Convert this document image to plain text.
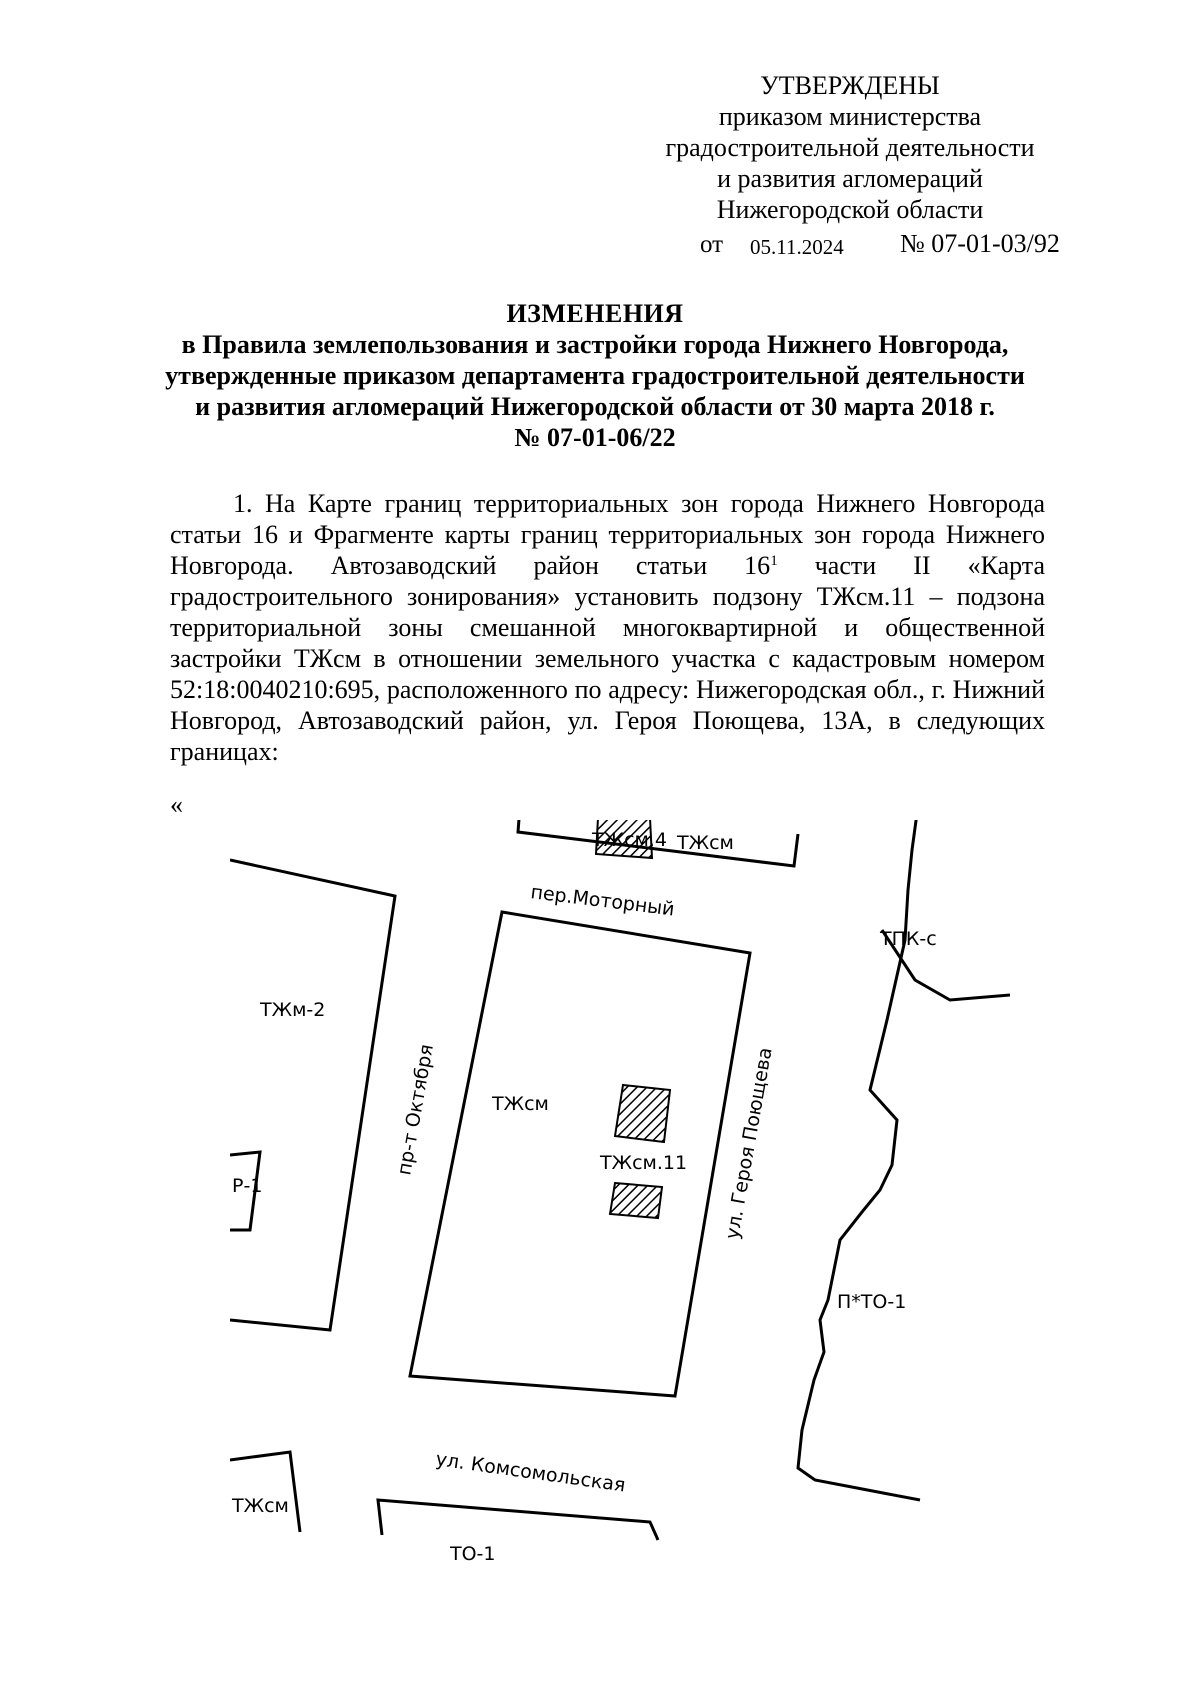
УТВЕРЖДЕНЫ
приказом министерства
градостроительной деятельности
и развития агломераций
Нижегородской области
от 05.11.2024 № 07-01-03/92
ИЗМЕНЕНИЯ
в Правила землепользования и застройки города Нижнего Новгорода,
утвержденные приказом департамента градостроительной деятельности
и развития агломераций Нижегородской области от 30 марта 2018 г.
№ 07-01-06/22
1. На Карте границ территориальных зон города Нижнего Новгорода статьи 16 и Фрагменте карты границ территориальных зон города Нижнего Новгорода. Автозаводский район статьи $16^1$ части II «Карта градостроительного зонирования» установить подзону ТЖсм.11 – подзона территориальной зоны смешанной многоквартирной и общественной застройки ТЖсм в отношении земельного участка с кадастровым номером 52:18:0040210:695, расположенного по адресу: Нижегородская обл., г. Нижний Новгород, Автозаводский район, ул. Героя Поющева, 13А, в следующих границах:
«
ТЖсм.4 ТЖсм
пер.Моторный
ТПК-с
ТЖм-2
пр-т Октября	ТЖсм
ТЖсм.11 ул. Героя Поющева
Р-1
П*ТО-1
ул. Комсомольская
ТЖсм
ТО-1
